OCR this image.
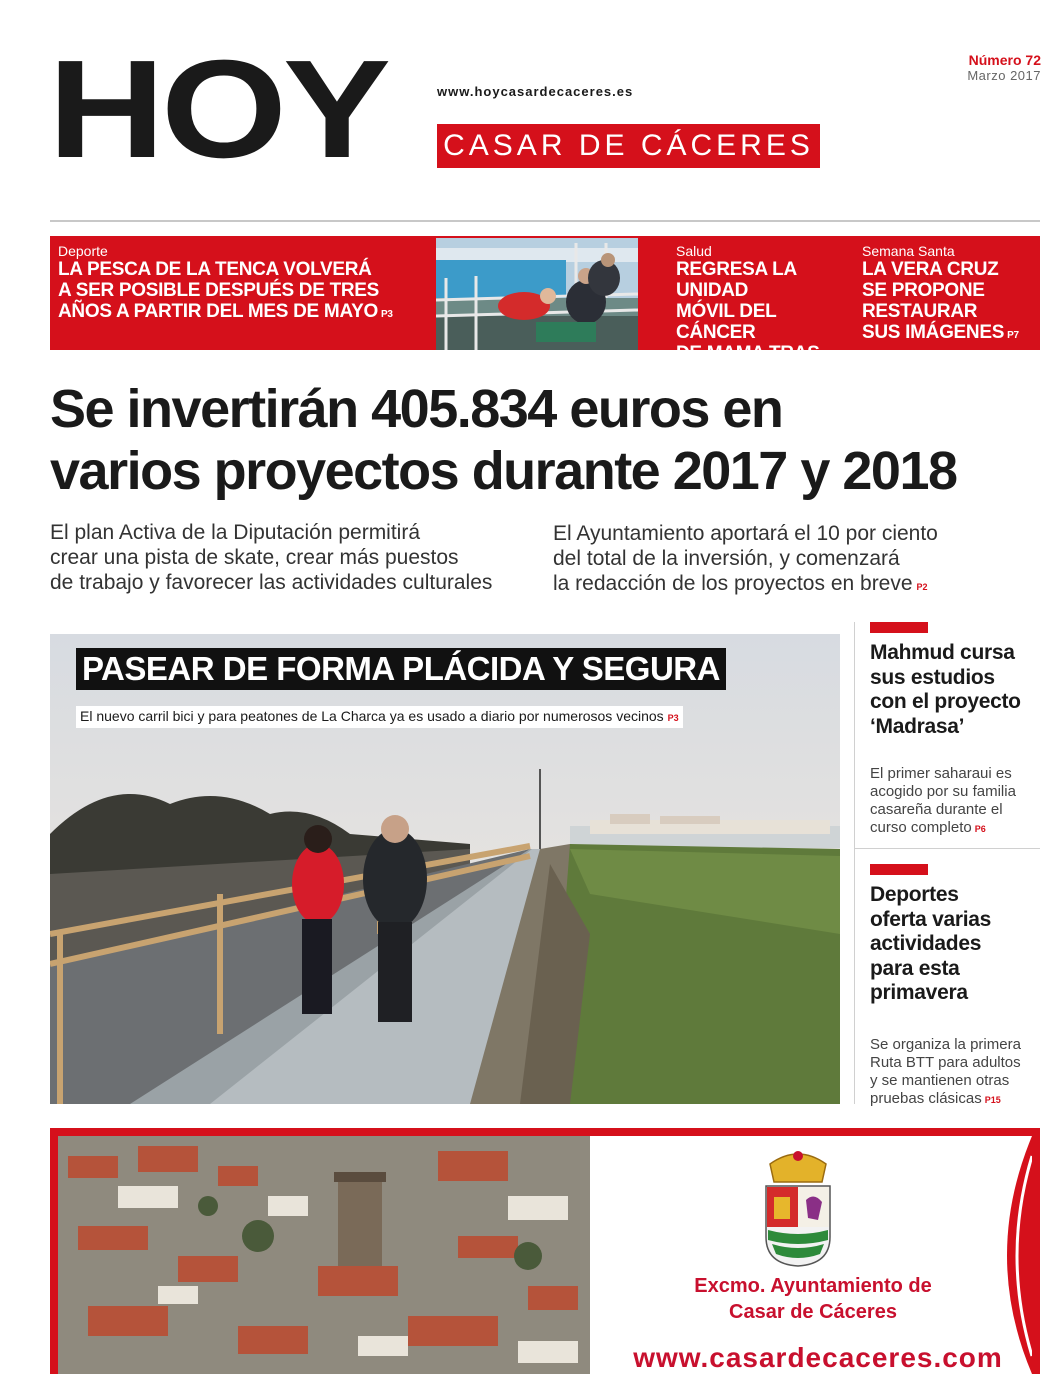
HOY	www.hoycasardecaceres.es
CASAR DE CÁCERES
Número 72
Marzo 2017
Deporte
LA PESCA DE LA TENCA VOLVERÁ
A SER POSIBLE DESPUÉS DE TRES
AÑOS A PARTIR DEL MES DE MAYO P3
Salud
REGRESA LA UNIDAD
MÓVIL DEL CÁNCER
DE MAMA TRAS
DOS AÑOS P4
Semana Santa
LA VERA CRUZ
SE PROPONE
RESTAURAR
SUS IMÁGENES P7
Se invertirán 405.834 euros en
varios proyectos durante 2017 y 2018
El plan Activa de la Diputación permitirá
crear una pista de skate, crear más puestos
de trabajo y favorecer las actividades culturales
El Ayuntamiento aportará el 10 por ciento
del total de la inversión, y comenzará
la redacción de los proyectos en breve P2
PASEAR DE FORMA PLÁCIDA Y SEGURA
El nuevo carril bici y para peatones de La Charca ya es usado a diario por numerosos vecinos P3
Mahmud cursa
sus estudios
con el proyecto
‘Madrasa’
El primer saharaui es
acogido por su familia
casareña durante el
curso completo P6
Deportes
oferta varias
actividades
para esta
primavera
Se organiza la primera
Ruta BTT para adultos
y se mantienen otras
pruebas clásicas P15
Excmo. Ayuntamiento de
Casar de Cáceres
www.casardecaceres.com
